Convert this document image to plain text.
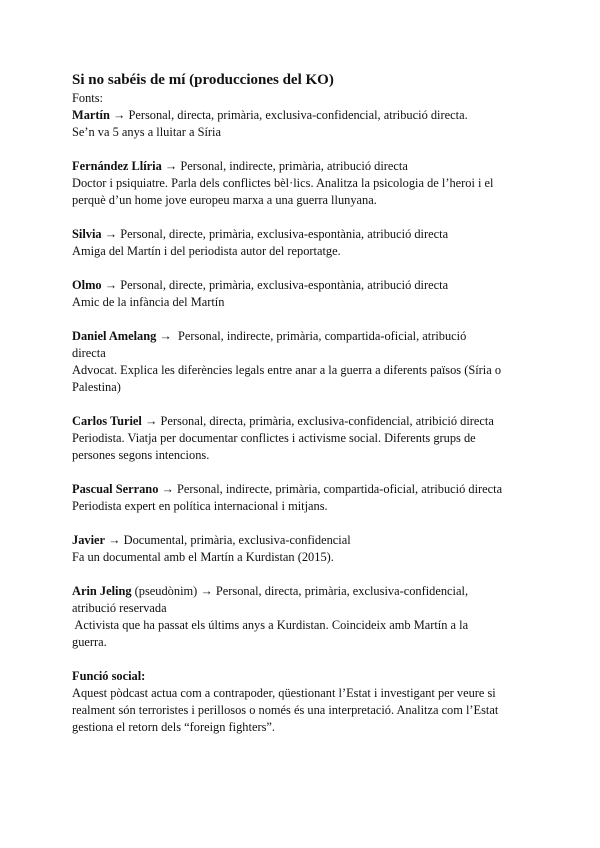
Si no sabéis de mí (producciones del KO)
Fonts:
Martín → Personal, directa, primària, exclusiva-confidencial, atribució directa.
Se’n va 5 anys a lluitar a Síria
Fernández Llíria → Personal, indirecte, primària, atribució directa
Doctor i psiquiatre. Parla dels conflictes bèl·lics. Analitza la psicologia de l’heroi i el
perquè d’un home jove europeu marxa a una guerra llunyana.
Silvia → Personal, directe, primària, exclusiva-espontània, atribució directa
Amiga del Martín i del periodista autor del reportatge.
Olmo → Personal, directe, primària, exclusiva-espontània, atribució directa
Amic de la infància del Martín
Daniel Amelang →  Personal, indirecte, primària, compartida-oficial, atribució
directa
Advocat. Explica les diferències legals entre anar a la guerra a diferents països (Síria o
Palestina)
Carlos Turiel → Personal, directa, primària, exclusiva-confidencial, atribició directa
Periodista. Viatja per documentar conflictes i activisme social. Diferents grups de
persones segons intencions.
Pascual Serrano → Personal, indirecte, primària, compartida-oficial, atribució directa
Periodista expert en política internacional i mitjans.
Javier → Documental, primària, exclusiva-confidencial
Fa un documental amb el Martín a Kurdistan (2015).
Arin Jeling (pseudònim) → Personal, directa, primària, exclusiva-confidencial,
atribució reservada
Activista que ha passat els últims anys a Kurdistan. Coincideix amb Martín a la
guerra.
Funció social:
Aquest pòdcast actua com a contrapoder, qüestionant l’Estat i investigant per veure si
realment són terroristes i perillosos o només és una interpretació. Analitza com l’Estat
gestiona el retorn dels “foreign fighters”.
